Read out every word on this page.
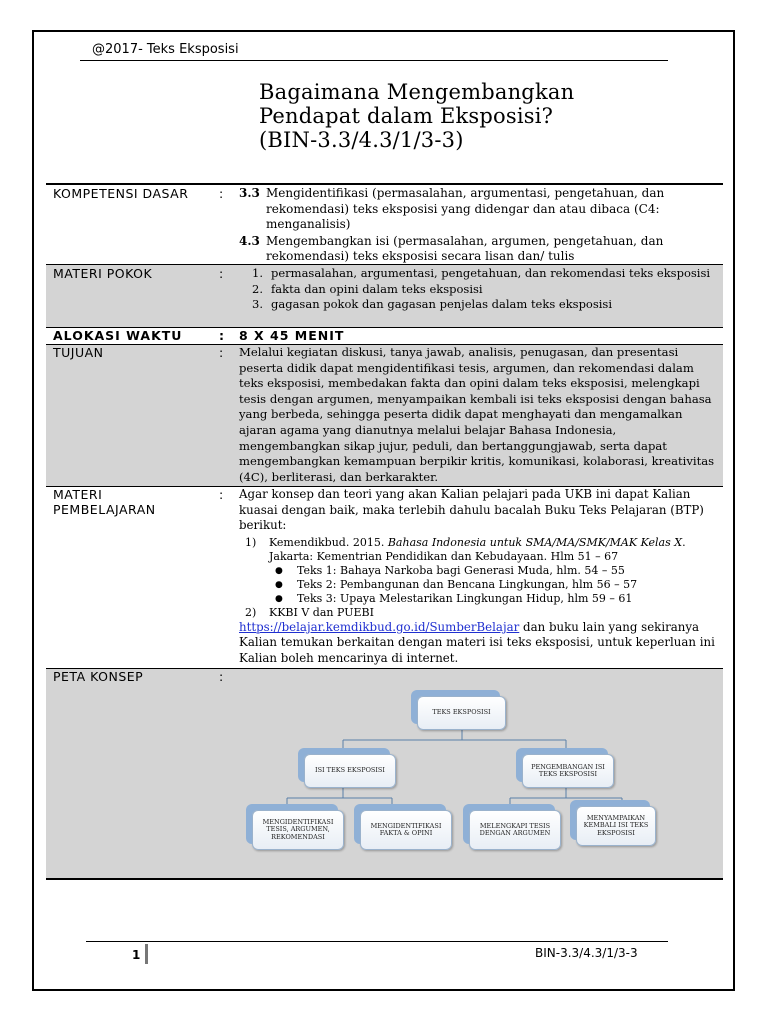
@2017- Teks Eksposisi
Bagaimana Mengembangkan
Pendapat dalam Eksposisi?
(BIN-3.3/4.3/1/3-3)
KOMPETENSI DASAR	:	3.3 Mengidentifikasi (permasalahan, argumentasi, pengetahuan, dan rekomendasi) teks eksposisi yang didengar dan atau dibaca (C4: menganalisis)
4.3 Mengembangkan isi (permasalahan, argumen, pengetahuan, dan rekomendasi) teks eksposisi secara lisan dan/ tulis
MATERI POKOK	:	1. permasalahan, argumentasi, pengetahuan, dan rekomendasi teks eksposisi
2. fakta dan opini dalam teks eksposisi
3. gagasan pokok dan gagasan penjelas dalam teks eksposisi
ALOKASI WAKTU	:	8 X 45 MENIT
TUJUAN	:	Melalui kegiatan diskusi, tanya jawab, analisis, penugasan, dan presentasi peserta didik dapat mengidentifikasi tesis, argumen, dan rekomendasi dalam teks eksposisi, membedakan fakta dan opini dalam teks eksposisi, melengkapi tesis dengan argumen, menyampaikan kembali isi teks eksposisi dengan bahasa yang berbeda, sehingga peserta didik dapat menghayati dan mengamalkan ajaran agama yang dianutnya melalui belajar Bahasa Indonesia, mengembangkan sikap jujur, peduli, dan bertanggungjawab, serta dapat mengembangkan kemampuan berpikir kritis, komunikasi, kolaborasi, kreativitas (4C), berliterasi, dan berkarakter.
MATERI
PEMBELAJARAN
:	Agar konsep dan teori yang akan Kalian pelajari pada UKB ini dapat Kalian kuasai dengan baik, maka terlebih dahulu bacalah Buku Teks Pelajaran (BTP) berikut:
1)	Kemendikbud. 2015. Bahasa Indonesia untuk SMA/MA/SMK/MAK Kelas X.
Jakarta: Kementrian Pendidikan dan Kebudayaan. Hlm 51 – 67
●	Teks 1: Bahaya Narkoba bagi Generasi Muda, hlm. 54 – 55
●	Teks 2: Pembangunan dan Bencana Lingkungan, hlm 56 – 57
●	Teks 3: Upaya Melestarikan Lingkungan Hidup, hlm 59 – 61
2)	KKBI V dan PUEBI
https://belajar.kemdikbud.go.id/SumberBelajar dan buku lain yang sekiranya Kalian temukan berkaitan dengan materi isi teks eksposisi, untuk keperluan ini Kalian boleh mencarinya di internet.
PETA KONSEP	:
TEKS EKSPOSISI
ISI TEKS EKSPOSISI	PENGEMBANGAN ISI TEKS EKSPOSISI
MENGIDENTIFIKASI TESIS, ARGUMEN, REKOMENDASI
MENGIDENTIFIKASI FAKTA & OPINI
MELENGKAPI TESIS DENGAN ARGUMEN
MENYAMPAIKAN KEMBALI ISI TEKS EKSPOSISI
1	BIN-3.3/4.3/1/3-3
